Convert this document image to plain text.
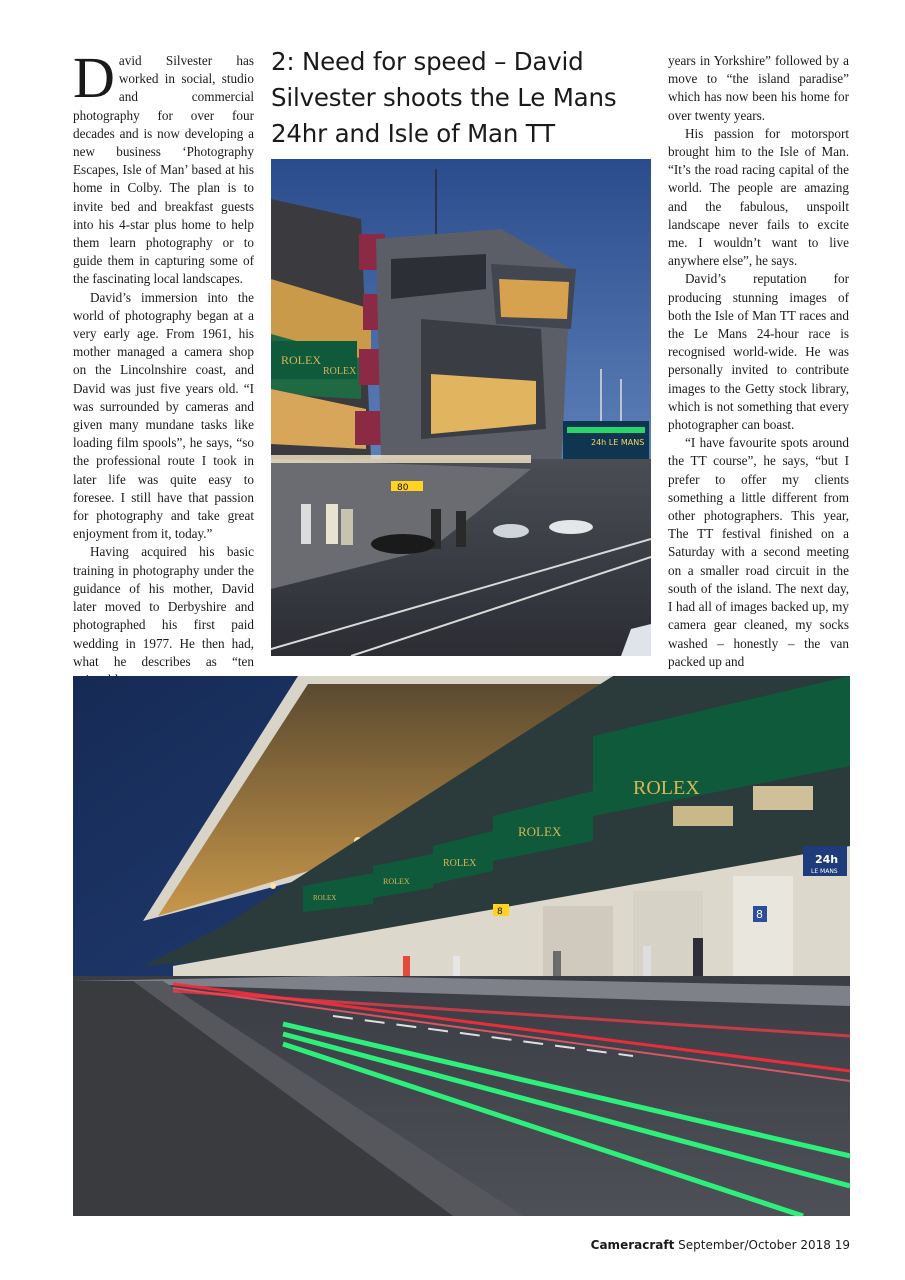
David Silvester has worked in social, studio and commercial photography for over four decades and is now developing a new business ‘Photography Escapes, Isle of Man’ based at his home in Colby. The plan is to invite bed and breakfast guests into his 4-star plus home to help them learn photography or to guide them in capturing some of the fascinating local landscapes.

David’s immersion into the world of photography began at a very early age. From 1961, his mother managed a camera shop on the Lincolnshire coast, and David was just five years old. “I was surrounded by cameras and given many mundane tasks like loading film spools”, he says, “so the professional route I took in later life was quite easy to foresee. I still have that passion for photography and take great enjoyment from it, today.”

Having acquired his basic training in photography under the guidance of his mother, David later moved to Derbyshire and photographed his first paid wedding in 1977. He then had, what he describes as “ten

2: Need for speed – David Silvester shoots the Le Mans 24hr and Isle of Man TT
24h LE MANS
ROLEX
ROLEX
80

years in Yorkshire” followed by a move to “the island paradise” which has now been his home for over twenty years.

His passion for motorsport brought him to the Isle of Man. “It’s the road racing capital of the world. The people are amazing and the fabulous, unspoilt landscape never fails to excite me. I wouldn’t want to live anywhere else”, he says.

David’s reputation for producing stunning images of both the Isle of Man TT races and the Le Mans 24-hour race is recognised world-wide. He was personally invited to contribute images to the Getty stock library, which is not something that every photographer can boast.

“I have favourite spots around the TT course”, he says, “but I prefer to offer my clients something a little different from other photographers. This year, The TT festival finished on a Saturday with a second meeting on a smaller road circuit in the south of the island. The next day, I had all of images backed up, my camera gear cleaned, my socks washed – honestly – the van packed up and

ROLEX
ROLEX
ROLEX
ROLEX
ROLEX
24h
LE MANS
8
8
Cameracraft September/October 2018 19
